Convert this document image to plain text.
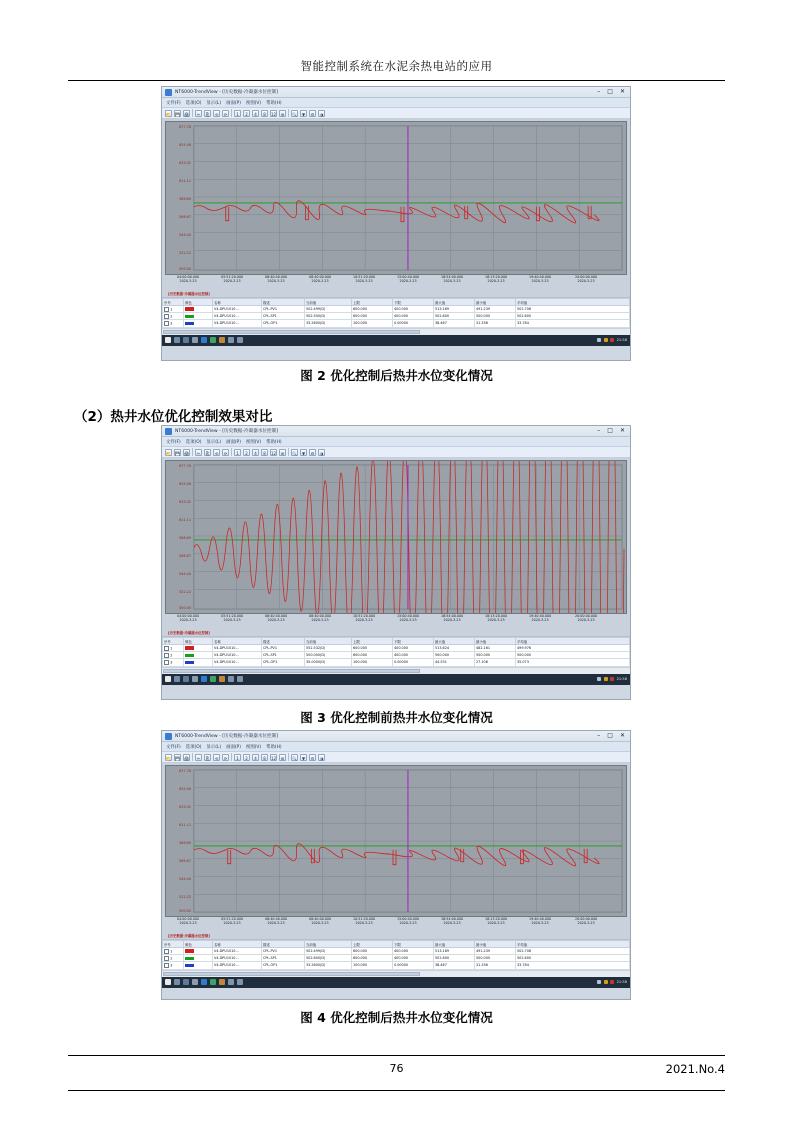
智能控制系统在水泥余热电站的应用
NT6000-TrendView - [历史数据-冷凝器水位控制]	– □ ✕
文件(F) 选项(O) 显示(L) 画面(P) 视图(V) 帮助(H)
📂 💾 🖨	✂	⎘	⟲	⟳	1	2	4	8	12	⊞	🔍	▼	⚙	◑
677.78
655.56
633.32
611.11
588.89
566.67
544.44
522.22
500.00
04:00:00.000
2020-3-23
05:51:20.000
2020-3-23
06:40:40.000
2020-3-23
08:40:00.000
2020-3-23
10:51:20.000
2020-3-23
15:00:40.000
2020-3-23
16:54:00.000
2020-3-23
18:13:20.000
2020-3-23
19:40:40.000
2020-3-23
20:00:00.000
2020-3-23
[历史数据-冷凝器水位控制]
序号	颜色	名称	描述	当前值	上限	下限	最大值	最小值	平均值
1		V4-DPU1010...	CPL-PV1	502.499(D)	600.000	400.000	513.169	491.239	502.708
2		V4-DPU1010...	CPL-SP1	502.500(D)	600.000	400.000	502.600	500.000	502.600
3		V4-DPU1010...	CPL-OP1	33.2600(D)	100.000	0.00000	38.467	31.336	33.784
21:58
图 2 优化控制后热井水位变化情况
（2）热井水位优化控制效果对比
NT6000-TrendView - [历史数据-冷凝器水位控制]	– □ ✕
文件(F) 选项(O) 显示(L) 画面(P) 视图(V) 帮助(H)
📂 💾 🖨	✂	⎘	⟲	⟳	1	2	4	8	12	⊞	🔍	▼	⚙	◑
677.78
655.56
633.32
611.11
588.89
566.67
544.44
522.22
500.00
04:00:00.000
2020-3-23
05:51:20.000
2020-3-23
06:40:40.000
2020-3-23
08:40:00.000
2020-3-23
10:51:20.000
2020-3-23
15:00:40.000
2020-3-23
16:54:00.000
2020-3-23
18:13:20.000
2020-3-23
19:40:40.000
2020-3-23
20:00:00.000
2020-3-23
[历史数据-冷凝器水位控制]
序号	颜色	名称	描述	当前值	上限	下限	最大值	最小值	平均值
1		V4-DPU1010...	CPL-PV1	552.532(D)	600.000	400.000	513.624	482.161	499.976
2		V4-DPU1010...	CPL-SP1	500.000(D)	600.000	400.000	500.000	500.000	500.000
3		V4-DPU1010...	CPL-OP1	35.0000(D)	100.000	0.00000	44.531	27.106	35.073
21:58
图 3 优化控制前热井水位变化情况
NT6000-TrendView - [历史数据-冷凝器水位控制]	– □ ✕
文件(F) 选项(O) 显示(L) 画面(P) 视图(V) 帮助(H)
📂 💾 🖨	✂	⎘	⟲	⟳	1	2	4	8	12	⊞	🔍	▼	⚙	◑
677.78
655.56
633.32
611.11
588.89
566.67
544.44
522.22
500.00
04:00:00.000
2020-3-23
05:51:20.000
2020-3-23
06:40:40.000
2020-3-23
08:40:00.000
2020-3-23
10:51:20.000
2020-3-23
15:00:40.000
2020-3-23
16:54:00.000
2020-3-23
18:13:20.000
2020-3-23
19:40:40.000
2020-3-23
20:00:00.000
2020-3-23
[历史数据-冷凝器水位控制]
序号	颜色	名称	描述	当前值	上限	下限	最大值	最小值	平均值
1		V4-DPU1010...	CPL-PV1	502.499(D)	600.000	400.000	513.169	491.239	502.708
2		V4-DPU1010...	CPL-SP1	502.600(D)	600.000	400.000	502.600	500.000	502.600
3		V4-DPU1010...	CPL-OP1	33.2600(D)	100.000	0.00000	38.467	31.336	33.784
21:58
图 4 优化控制后热井水位变化情况
76	2021.No.4
